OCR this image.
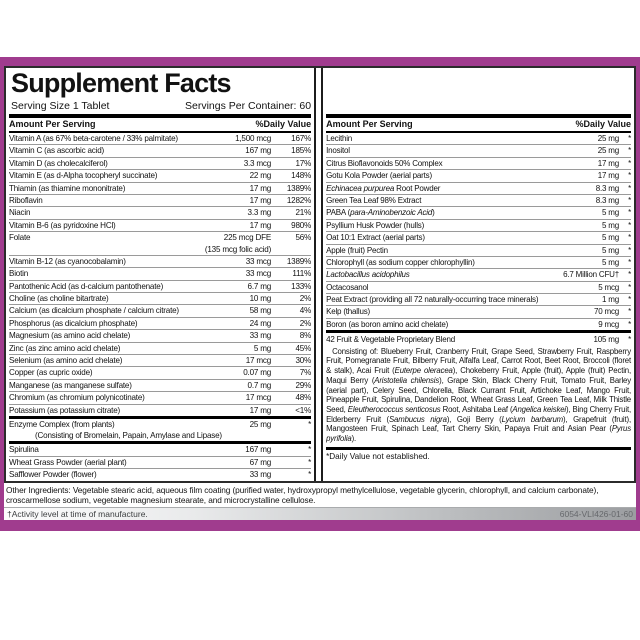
Supplement Facts
Serving Size 1 Tablet	Servings Per Container: 60
Amount Per Serving	%Daily Value
Vitamin A (as 67% beta-carotene / 33% palmitate)	1,500 mcg	167%
Vitamin C (as ascorbic acid)	167 mg	185%
Vitamin D (as cholecalciferol)	3.3 mcg	17%
Vitamin E (as d-Alpha tocopheryl succinate)	22 mg	148%
Thiamin (as thiamine mononitrate)	17 mg	1389%
Riboflavin	17 mg	1282%
Niacin	3.3 mg	21%
Vitamin B-6 (as pyridoxine HCl)	17 mg	980%
Folate	225 mcg DFE	56%
(135 mcg folic acid)
Vitamin B-12 (as cyanocobalamin)	33 mcg	1389%
Biotin	33 mcg	111%
Pantothenic Acid (as d-calcium pantothenate)	6.7 mg	133%
Choline (as choline bitartrate)	10 mg	2%
Calcium (as dicalcium phosphate / calcium citrate)	58 mg	4%
Phosphorus (as dicalcium phosphate)	24 mg	2%
Magnesium (as amino acid chelate)	33 mg	8%
Zinc (as zinc amino acid chelate)	5 mg	45%
Selenium (as amino acid chelate)	17 mcg	30%
Copper (as cupric oxide)	0.07 mg	7%
Manganese (as manganese sulfate)	0.7 mg	29%
Chromium (as chromium polynicotinate)	17 mcg	48%
Potassium (as potassium citrate)	17 mg	<1%
Enzyme Complex (from plants)	25 mg	*
(Consisting of Bromelain, Papain, Amylase and Lipase)
Spirulina	167 mg	*
Wheat Grass Powder (aerial plant)	67 mg	*
Safflower Powder (flower)	33 mg	*
Amount Per Serving	%Daily Value
Lecithin	25 mg	*
Inositol	25 mg	*
Citrus Bioflavonoids 50% Complex	17 mg	*
Gotu Kola Powder (aerial parts)	17 mg	*
Echinacea purpurea Root Powder	8.3 mg	*
Green Tea Leaf 98% Extract	8.3 mg	*
PABA (para-Aminobenzoic Acid)	5 mg	*
Psyllium Husk Powder (hulls)	5 mg	*
Oat 10:1 Extract (aerial parts)	5 mg	*
Apple (fruit) Pectin	5 mg	*
Chlorophyll (as sodium copper chlorophyllin)	5 mg	*
Lactobacillus acidophilus	6.7 Million CFU†	*
Octacosanol	5 mcg	*
Peat Extract (providing all 72 naturally-occurring trace minerals)	1 mg	*
Kelp (thallus)	70 mcg	*
Boron (as boron amino acid chelate)	9 mcg	*
42 Fruit & Vegetable Proprietary Blend	105 mg	*
Consisting of: Blueberry Fruit, Cranberry Fruit, Grape Seed, Strawberry Fruit, Raspberry Fruit, Pomegranate Fruit, Bilberry Fruit, Alfalfa Leaf, Carrot Root, Beet Root, Broccoli (floret & stalk), Acai Fruit (Euterpe oleracea), Chokeberry Fruit, Apple (fruit), Apple (fruit) Pectin, Maqui Berry (Aristotelia chilensis), Grape Skin, Black Cherry Fruit, Tomato Fruit, Barley (aerial part), Celery Seed, Chlorella, Black Currant Fruit, Artichoke Leaf, Mango Fruit, Pineapple Fruit, Spirulina, Dandelion Root, Wheat Grass Leaf, Green Tea Leaf, Milk Thistle Seed, Eleutherococcus senticosus Root, Ashitaba Leaf (Angelica keiskei), Bing Cherry Fruit, Elderberry Fruit (Sambucus nigra), Goji Berry (Lycium barbarum), Grapefruit (fruit), Mangosteen Fruit, Spinach Leaf, Tart Cherry Skin, Papaya Fruit and Asian Pear (Pyrus pyrifolia).
*Daily Value not established.
Other Ingredients: Vegetable stearic acid, aqueous film coating (purified water, hydroxypropyl methylcellulose, vegetable glycerin, chlorophyll, and calcium carbonate), croscarmellose sodium, vegetable magnesium stearate, and microcrystalline cellulose.
†Activity level at time of manufacture.	6054-VLI426-01-60
